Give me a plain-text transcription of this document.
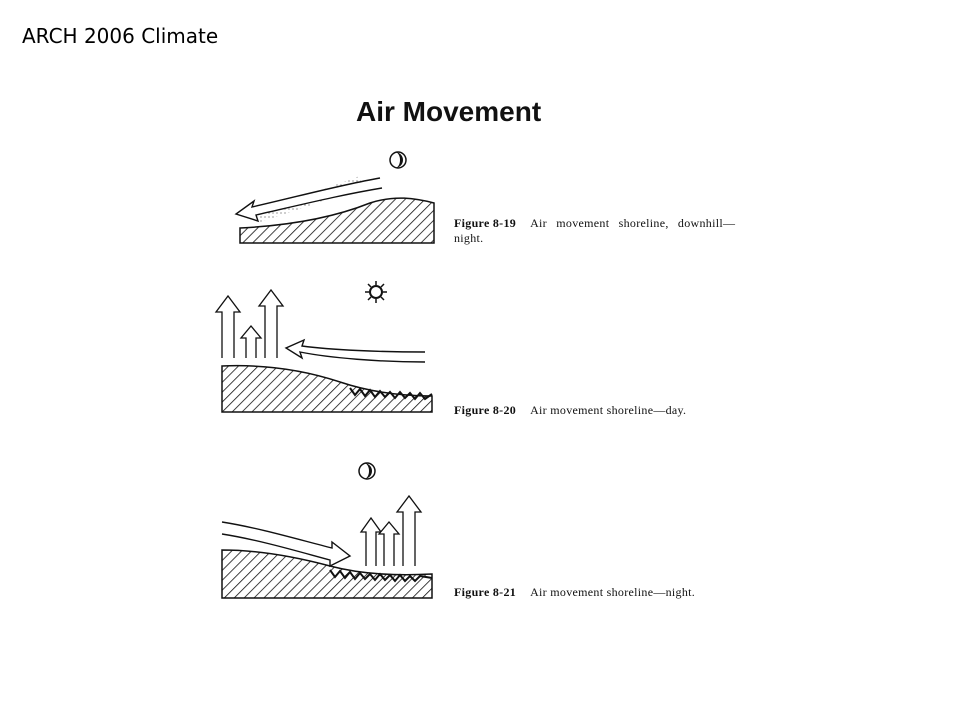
ARCH 2006 Climate
Air Movement
Figure 8-19 Air movement shoreline, downhill—
night.
Figure 8-20 Air movement shoreline—day.
Figure 8-21 Air movement shoreline—night.
